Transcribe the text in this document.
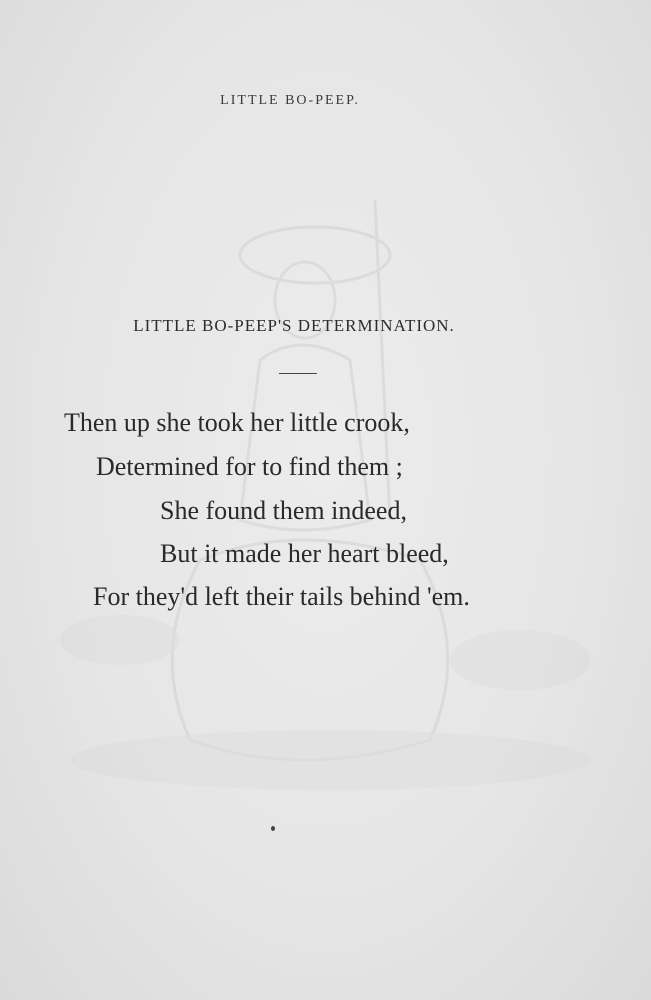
LITTLE BO-PEEP.
LITTLE BO-PEEP'S DETERMINATION.
Then up she took her little crook,
Determined for to find them ;
She found them indeed,
But it made her heart bleed,
For they'd left their tails behind 'em.
